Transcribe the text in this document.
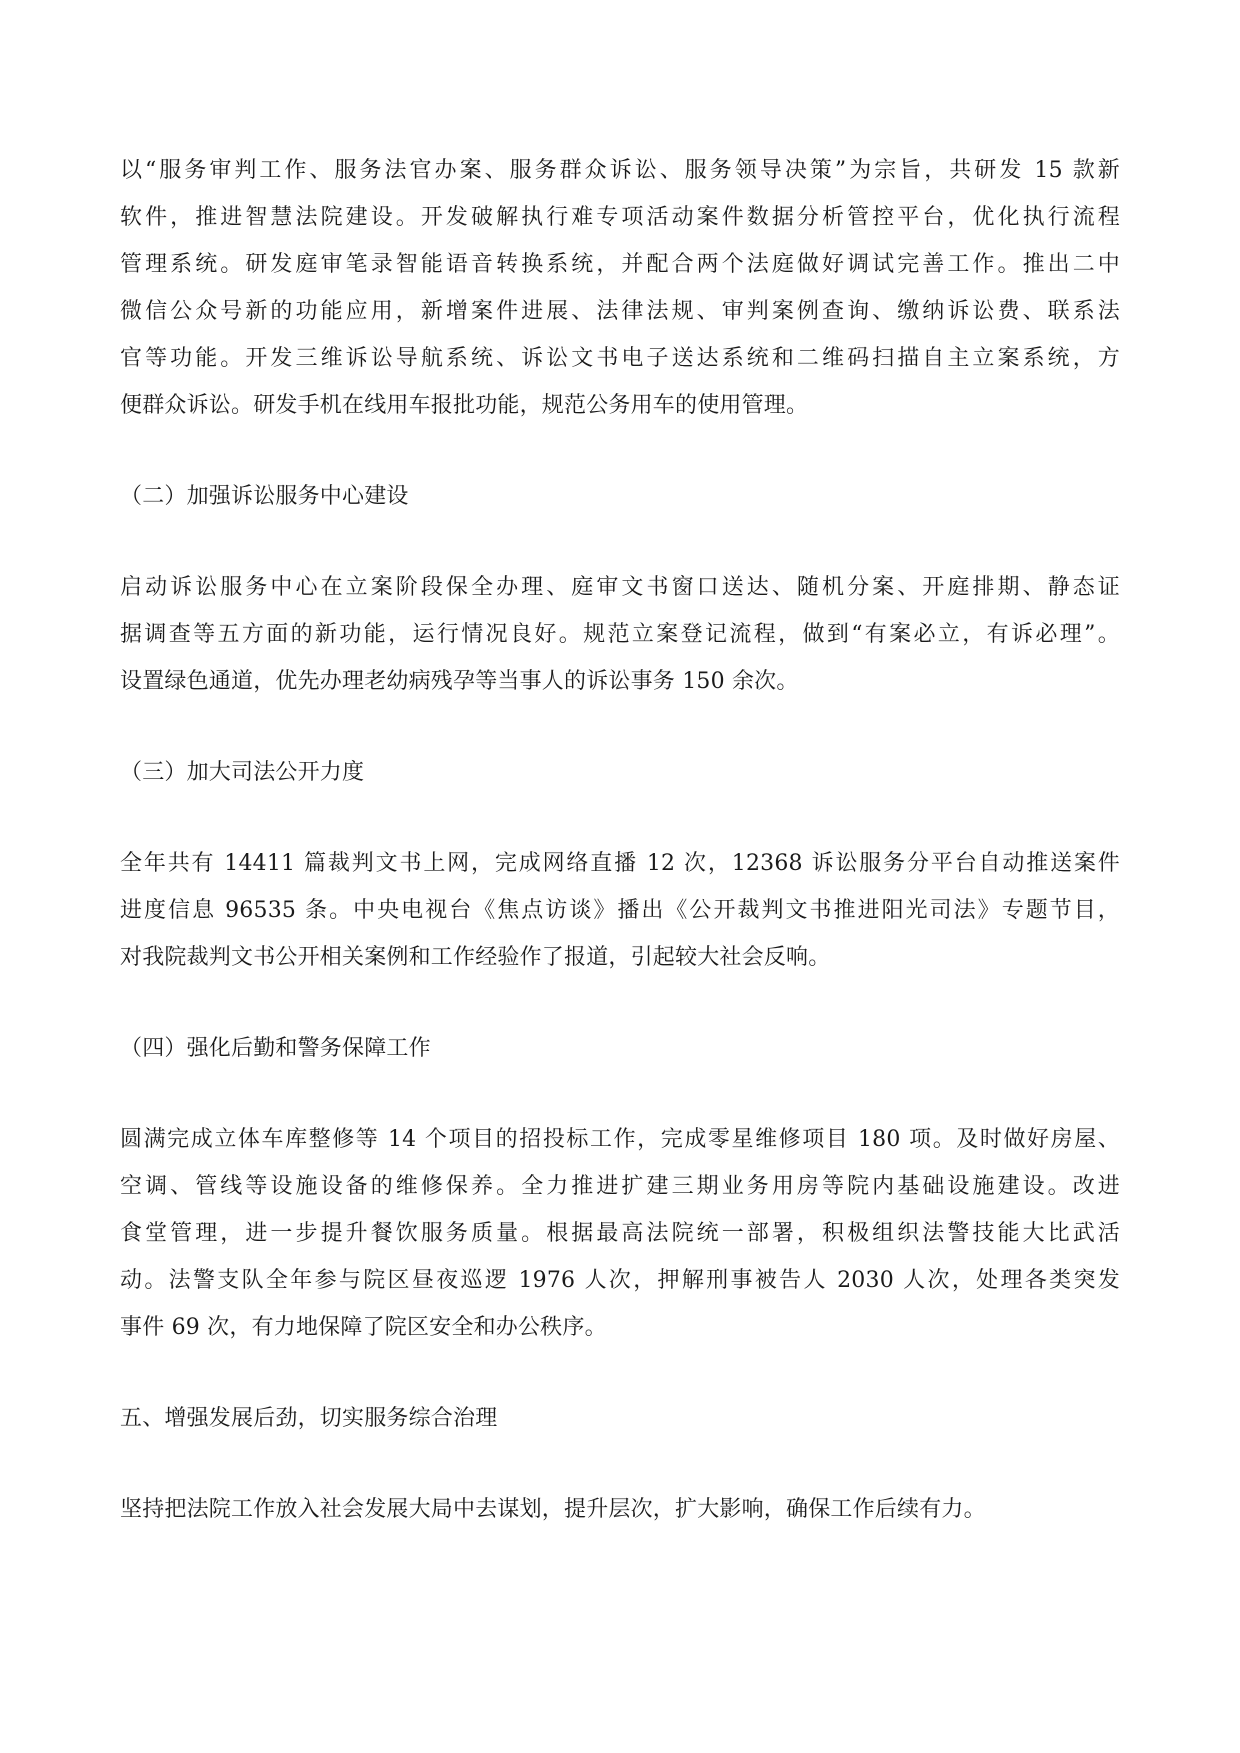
以“服务审判工作、服务法官办案、服务群众诉讼、服务领导决策”为宗旨，共研发 15 款新
软件，推进智慧法院建设。开发破解执行难专项活动案件数据分析管控平台，优化执行流程
管理系统。研发庭审笔录智能语音转换系统，并配合两个法庭做好调试完善工作。推出二中
微信公众号新的功能应用，新增案件进展、法律法规、审判案例查询、缴纳诉讼费、联系法
官等功能。开发三维诉讼导航系统、诉讼文书电子送达系统和二维码扫描自主立案系统，方
便群众诉讼。研发手机在线用车报批功能，规范公务用车的使用管理。
（二）加强诉讼服务中心建设
启动诉讼服务中心在立案阶段保全办理、庭审文书窗口送达、随机分案、开庭排期、静态证
据调查等五方面的新功能，运行情况良好。规范立案登记流程，做到“有案必立，有诉必理”。
设置绿色通道，优先办理老幼病残孕等当事人的诉讼事务 150 余次。
（三）加大司法公开力度
全年共有 14411 篇裁判文书上网，完成网络直播 12 次，12368 诉讼服务分平台自动推送案件
进度信息 96535 条。中央电视台《焦点访谈》播出《公开裁判文书推进阳光司法》专题节目，
对我院裁判文书公开相关案例和工作经验作了报道，引起较大社会反响。
（四）强化后勤和警务保障工作
圆满完成立体车库整修等 14 个项目的招投标工作，完成零星维修项目 180 项。及时做好房屋、
空调、管线等设施设备的维修保养。全力推进扩建三期业务用房等院内基础设施建设。改进
食堂管理，进一步提升餐饮服务质量。根据最高法院统一部署，积极组织法警技能大比武活
动。法警支队全年参与院区昼夜巡逻 1976 人次，押解刑事被告人 2030 人次，处理各类突发
事件 69 次，有力地保障了院区安全和办公秩序。
五、增强发展后劲，切实服务综合治理
坚持把法院工作放入社会发展大局中去谋划，提升层次，扩大影响，确保工作后续有力。
